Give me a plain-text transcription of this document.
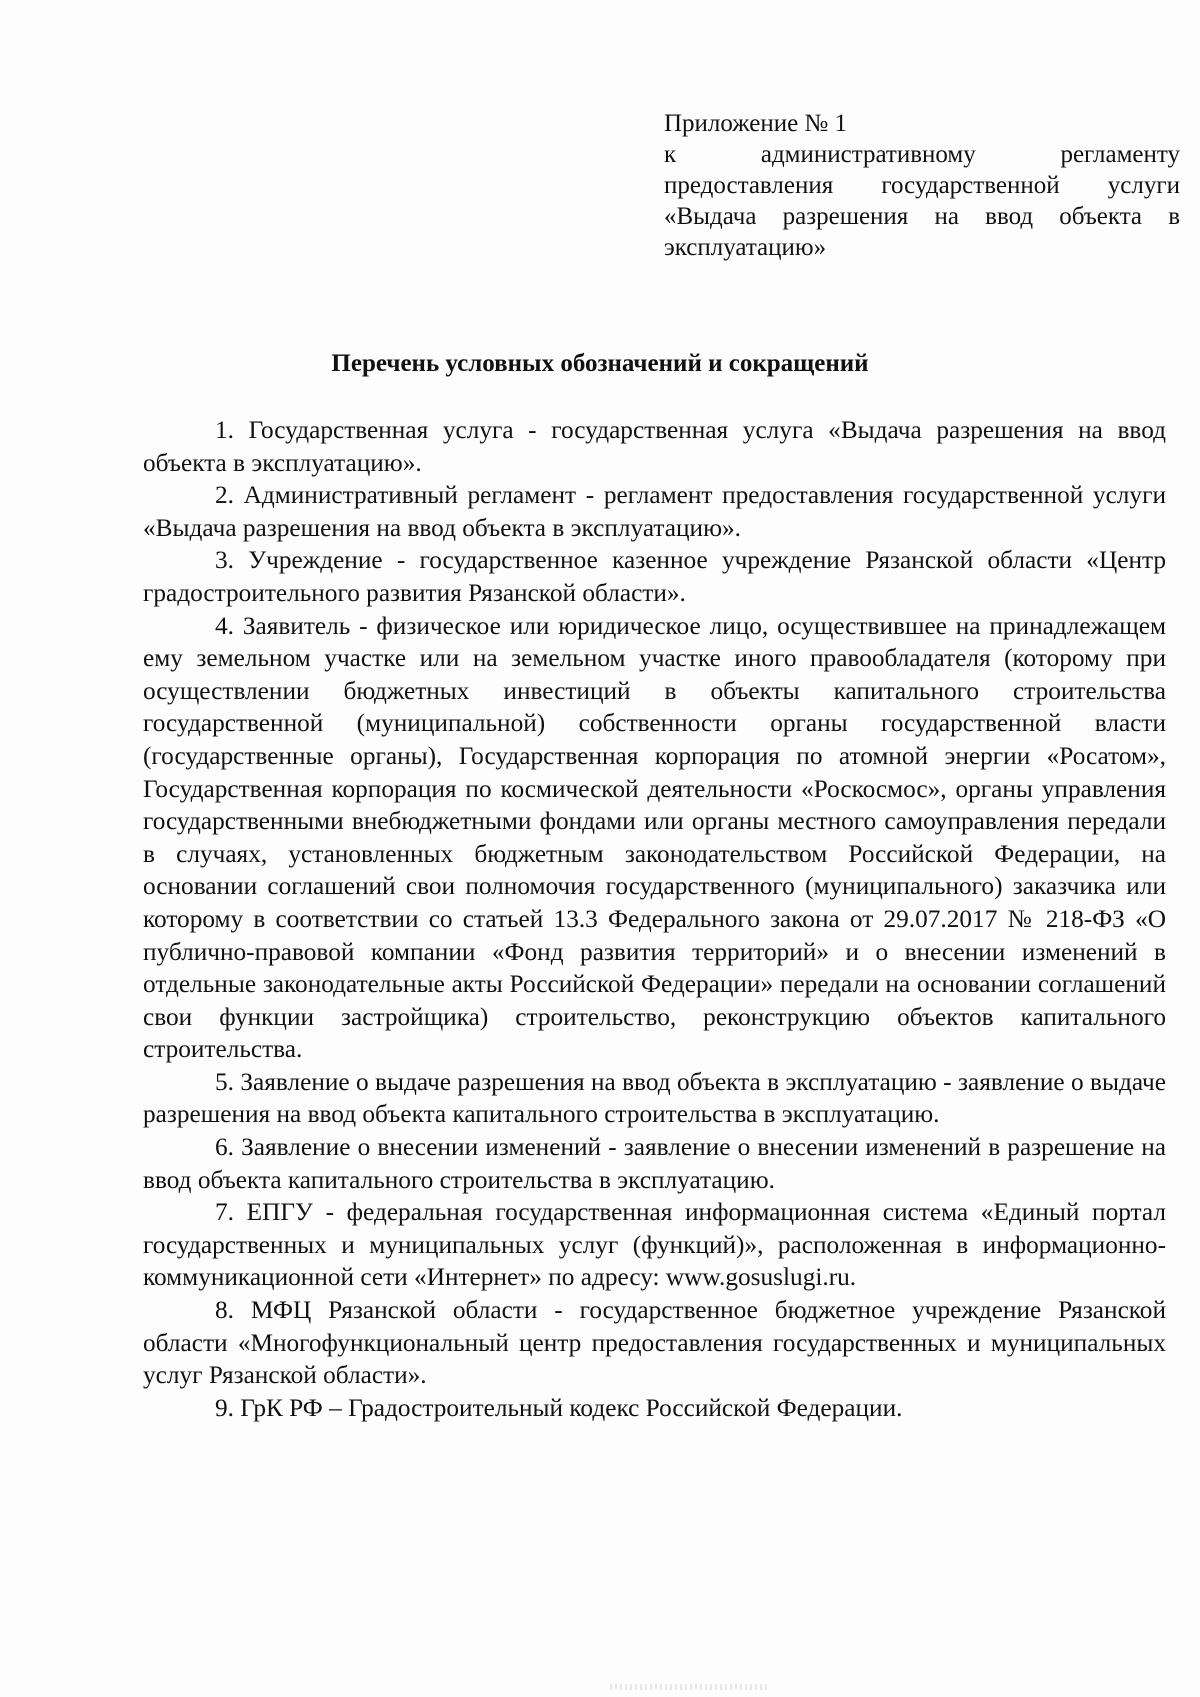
Приложение № 1

к	административному	регламенту

предоставления государственной услуги «Выдача разрешения на ввод объекта в эксплуатацию»

Перечень условных обозначений и сокращений

1. Государственная услуга - государственная услуга «Выдача разрешения на ввод объекта в эксплуатацию».

2. Административный регламент - регламент предоставления государственной услуги «Выдача разрешения на ввод объекта в эксплуатацию».

3. Учреждение - государственное казенное учреждение Рязанской области «Центр градостроительного развития Рязанской области».

4. Заявитель - физическое или юридическое лицо, осуществившее на принадлежащем ему земельном участке или на земельном участке иного правообладателя (которому при осуществлении бюджетных инвестиций в объекты капитального строительства государственной (муниципальной) собственности органы государственной власти (государственные органы), Государственная корпорация по атомной энергии «Росатом», Государственная корпорация по космической деятельности «Роскосмос», органы управления государственными внебюджетными фондами или органы местного самоуправления передали в случаях, установленных бюджетным законодательством Российской Федерации, на основании соглашений свои полномочия государственного (муниципального) заказчика или которому в соответствии со статьей 13.3 Федерального закона от 29.07.2017 № 218-ФЗ «О публично-правовой компании «Фонд развития территорий» и о внесении изменений в отдельные законодательные акты Российской Федерации» передали на основании соглашений свои функции застройщика) строительство, реконструкцию объектов капитального строительства.

5. Заявление о выдаче разрешения на ввод объекта в эксплуатацию - заявление о выдаче разрешения на ввод объекта капитального строительства в эксплуатацию.

6. Заявление о внесении изменений - заявление о внесении изменений в разрешение на ввод объекта капитального строительства в эксплуатацию.

7. ЕПГУ - федеральная государственная информационная система «Единый портал государственных и муниципальных услуг (функций)», расположенная в информационно-коммуникационной сети «Интернет» по адресу: www.gosuslugi.ru.

8. МФЦ Рязанской области - государственное бюджетное учреждение Рязанской области «Многофункциональный центр предоставления государственных и муниципальных услуг Рязанской области».

9. ГрК РФ – Градостроительный кодекс Российской Федерации.
